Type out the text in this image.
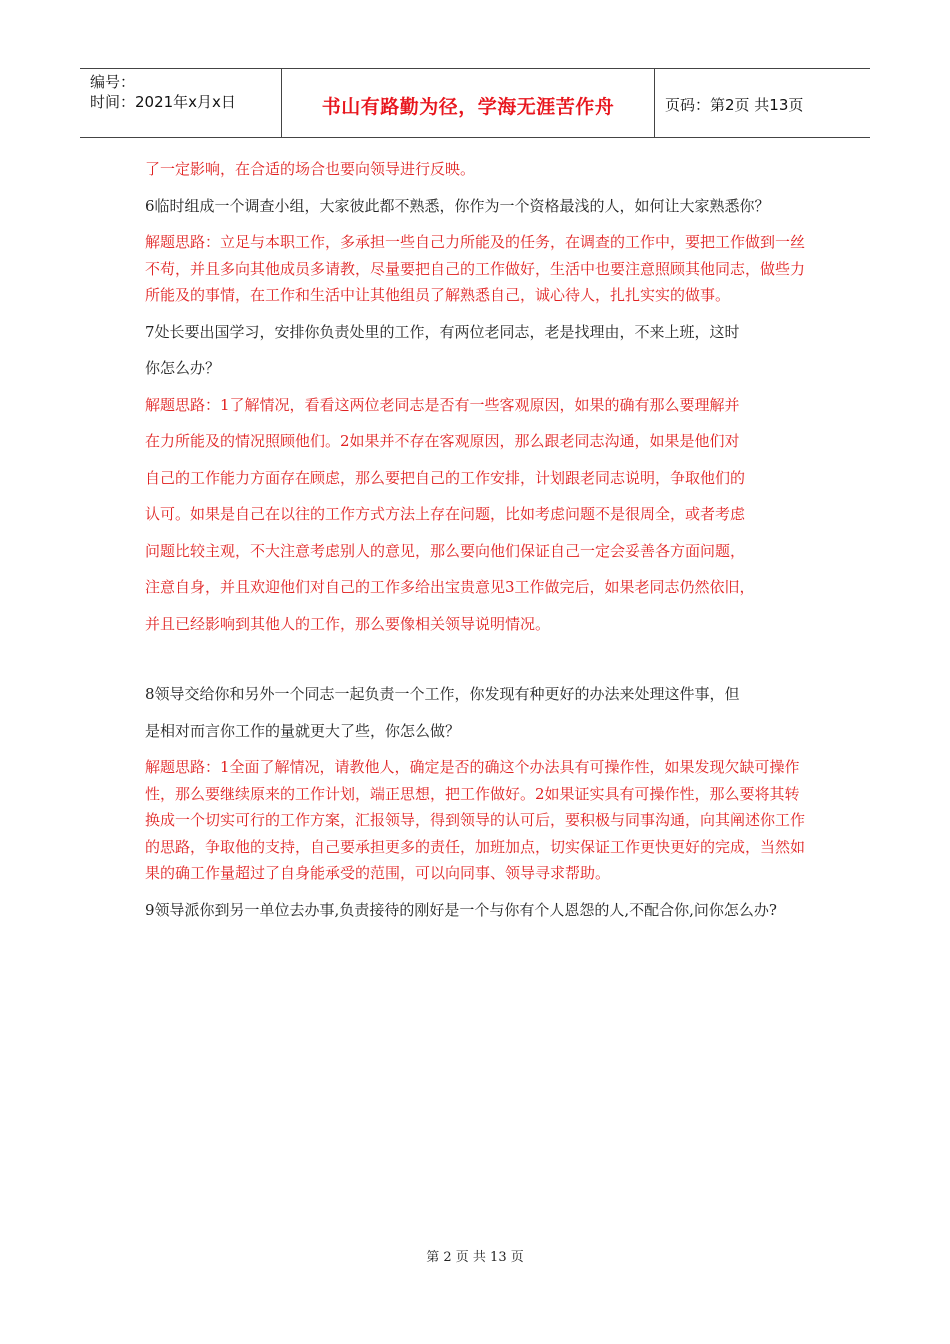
编号：
时间：2021年x月x日	书山有路勤为径，学海无涯苦作舟	页码：第2页 共13页

了一定影响，在合适的场合也要向领导进行反映。

6临时组成一个调查小组，大家彼此都不熟悉，你作为一个资格最浅的人，如何让大家熟悉你？

解题思路：立足与本职工作，多承担一些自己力所能及的任务，在调查的工作中，要把工作做到一丝不苟，并且多向其他成员多请教，尽量要把自己的工作做好，生活中也要注意照顾其他同志，做些力所能及的事情，在工作和生活中让其他组员了解熟悉自己，诚心待人，扎扎实实的做事。

7处长要出国学习，安排你负责处里的工作，有两位老同志，老是找理由，不来上班，这时

你怎么办？

解题思路：1了解情况，看看这两位老同志是否有一些客观原因，如果的确有那么要理解并

在力所能及的情况照顾他们。2如果并不存在客观原因，那么跟老同志沟通，如果是他们对

自己的工作能力方面存在顾虑，那么要把自己的工作安排，计划跟老同志说明，争取他们的

认可。如果是自己在以往的工作方式方法上存在问题，比如考虑问题不是很周全，或者考虑

问题比较主观，不大注意考虑别人的意见，那么要向他们保证自己一定会妥善各方面问题，

注意自身，并且欢迎他们对自己的工作多给出宝贵意见3工作做完后，如果老同志仍然依旧，

并且已经影响到其他人的工作，那么要像相关领导说明情况。

8领导交给你和另外一个同志一起负责一个工作，你发现有种更好的办法来处理这件事，但

是相对而言你工作的量就更大了些，你怎么做？

解题思路：1全面了解情况，请教他人，确定是否的确这个办法具有可操作性，如果发现欠缺可操作性，那么要继续原来的工作计划，端正思想，把工作做好。2如果证实具有可操作性，那么要将其转换成一个切实可行的工作方案，汇报领导，得到领导的认可后，要积极与同事沟通，向其阐述你工作的思路，争取他的支持，自己要承担更多的责任，加班加点，切实保证工作更快更好的完成，当然如果的确工作量超过了自身能承受的范围，可以向同事、领导寻求帮助。

9领导派你到另一单位去办事,负责接待的刚好是一个与你有个人恩怨的人,不配合你,问你怎么办?

第 2 页 共 13 页
